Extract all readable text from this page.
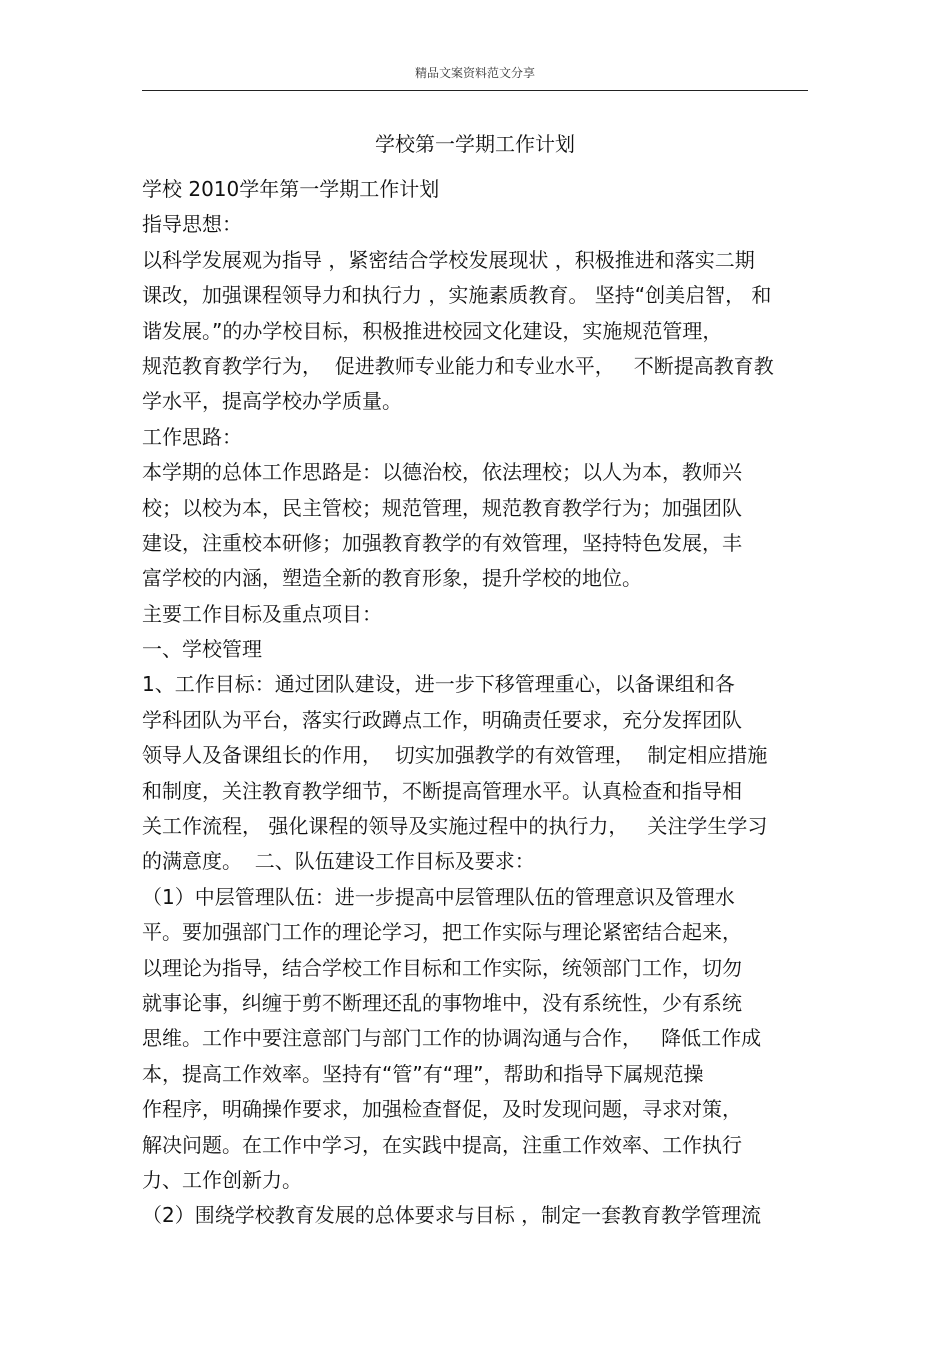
精品文案资料范文分享
学校第一学期工作计划
学校 2010学年第一学期工作计划
指导思想：
以科学发展观为指导 ，紧密结合学校发展现状 ，积极推进和落实二期
课改，加强课程领导力和执行力 ，实施素质教育。 坚持“创美启智， 和
谐发展。”的办学校目标，积极推进校园文化建设，实施规范管理，
规范教育教学行为，  促进教师专业能力和专业水平，   不断提高教育教
学水平，提高学校办学质量。
工作思路：
本学期的总体工作思路是：以德治校，依法理校；以人为本，教师兴
校；以校为本，民主管校；规范管理，规范教育教学行为；加强团队
建设，注重校本研修；加强教育教学的有效管理，坚持特色发展，丰
富学校的内涵，塑造全新的教育形象，提升学校的地位。
主要工作目标及重点项目：
一、学校管理
1、工作目标：通过团队建设，进一步下移管理重心，以备课组和各
学科团队为平台，落实行政蹲点工作，明确责任要求，充分发挥团队
领导人及备课组长的作用，  切实加强教学的有效管理，  制定相应措施
和制度，关注教育教学细节，不断提高管理水平。认真检查和指导相
关工作流程， 强化课程的领导及实施过程中的执行力，   关注学生学习
的满意度。  二、队伍建设工作目标及要求：
（1）中层管理队伍：进一步提高中层管理队伍的管理意识及管理水
平。要加强部门工作的理论学习，把工作实际与理论紧密结合起来，
以理论为指导，结合学校工作目标和工作实际，统领部门工作，切勿
就事论事，纠缠于剪不断理还乱的事物堆中，没有系统性，少有系统
思维。工作中要注意部门与部门工作的协调沟通与合作，   降低工作成
本，提高工作效率。坚持有“管”有“理”，帮助和指导下属规范操
作程序，明确操作要求，加强检查督促，及时发现问题，寻求对策，
解决问题。在工作中学习，在实践中提高，注重工作效率、工作执行
力、工作创新力。
（2）围绕学校教育发展的总体要求与目标 ，制定一套教育教学管理流
